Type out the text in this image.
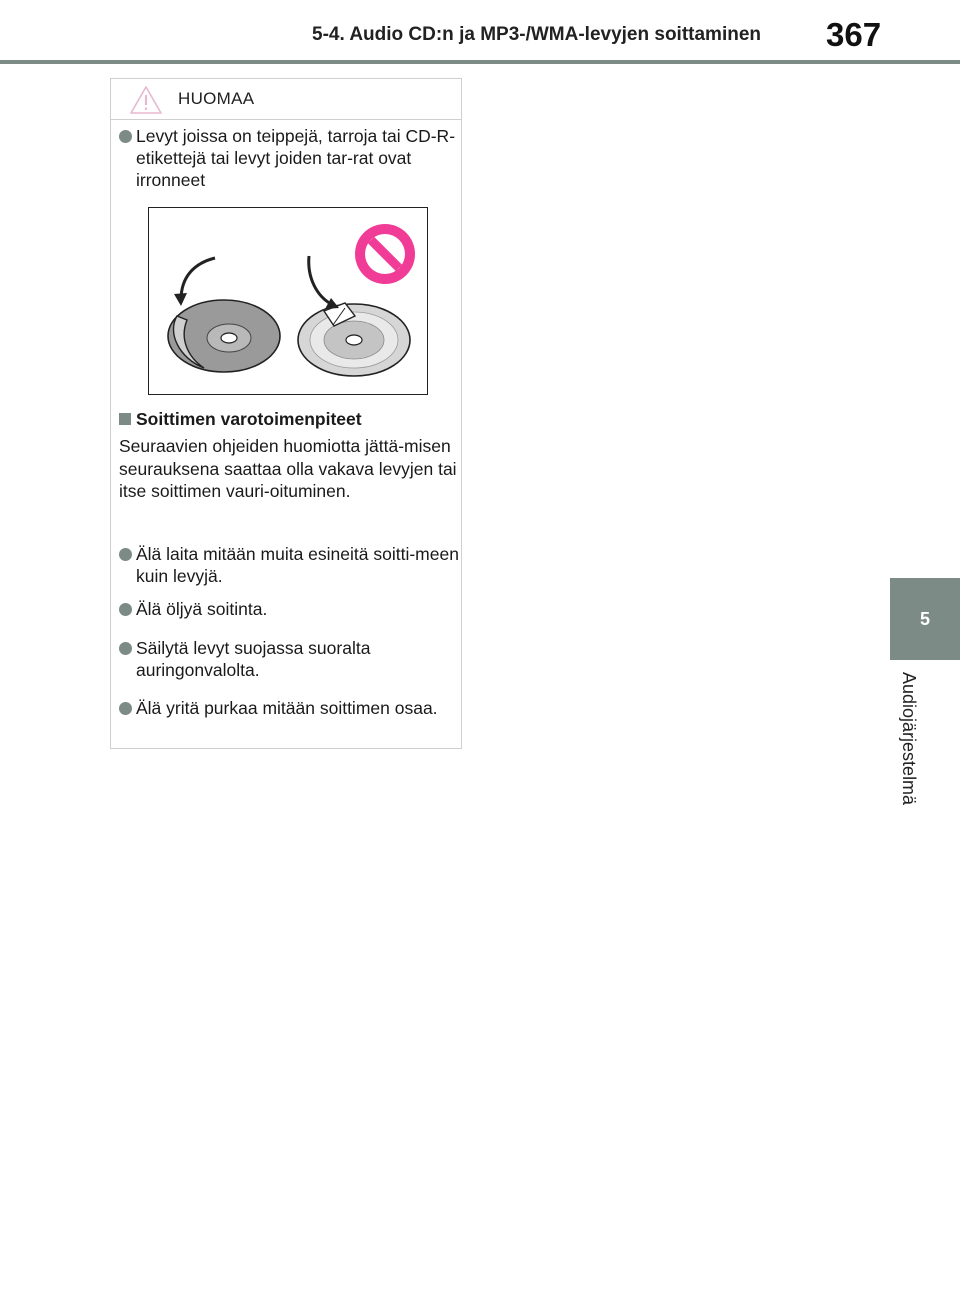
5-4. Audio CD:n ja MP3-/WMA-levyjen soittaminen 367
5
Audiojärjestelmä
HUOMAA
Levyt joissa on teippejä, tarroja tai CD-R-etikettejä tai levyt joiden tar-rat ovat irronneet
Soittimen varotoimenpiteet
Seuraavien ohjeiden huomiotta jättä-misen seurauksena saattaa olla vakava levyjen tai itse soittimen vauri-oituminen.
Älä laita mitään muita esineitä soitti-meen kuin levyjä.
Älä öljyä soitinta.
Säilytä levyt suojassa suoralta auringonvalolta.
Älä yritä purkaa mitään soittimen osaa.
